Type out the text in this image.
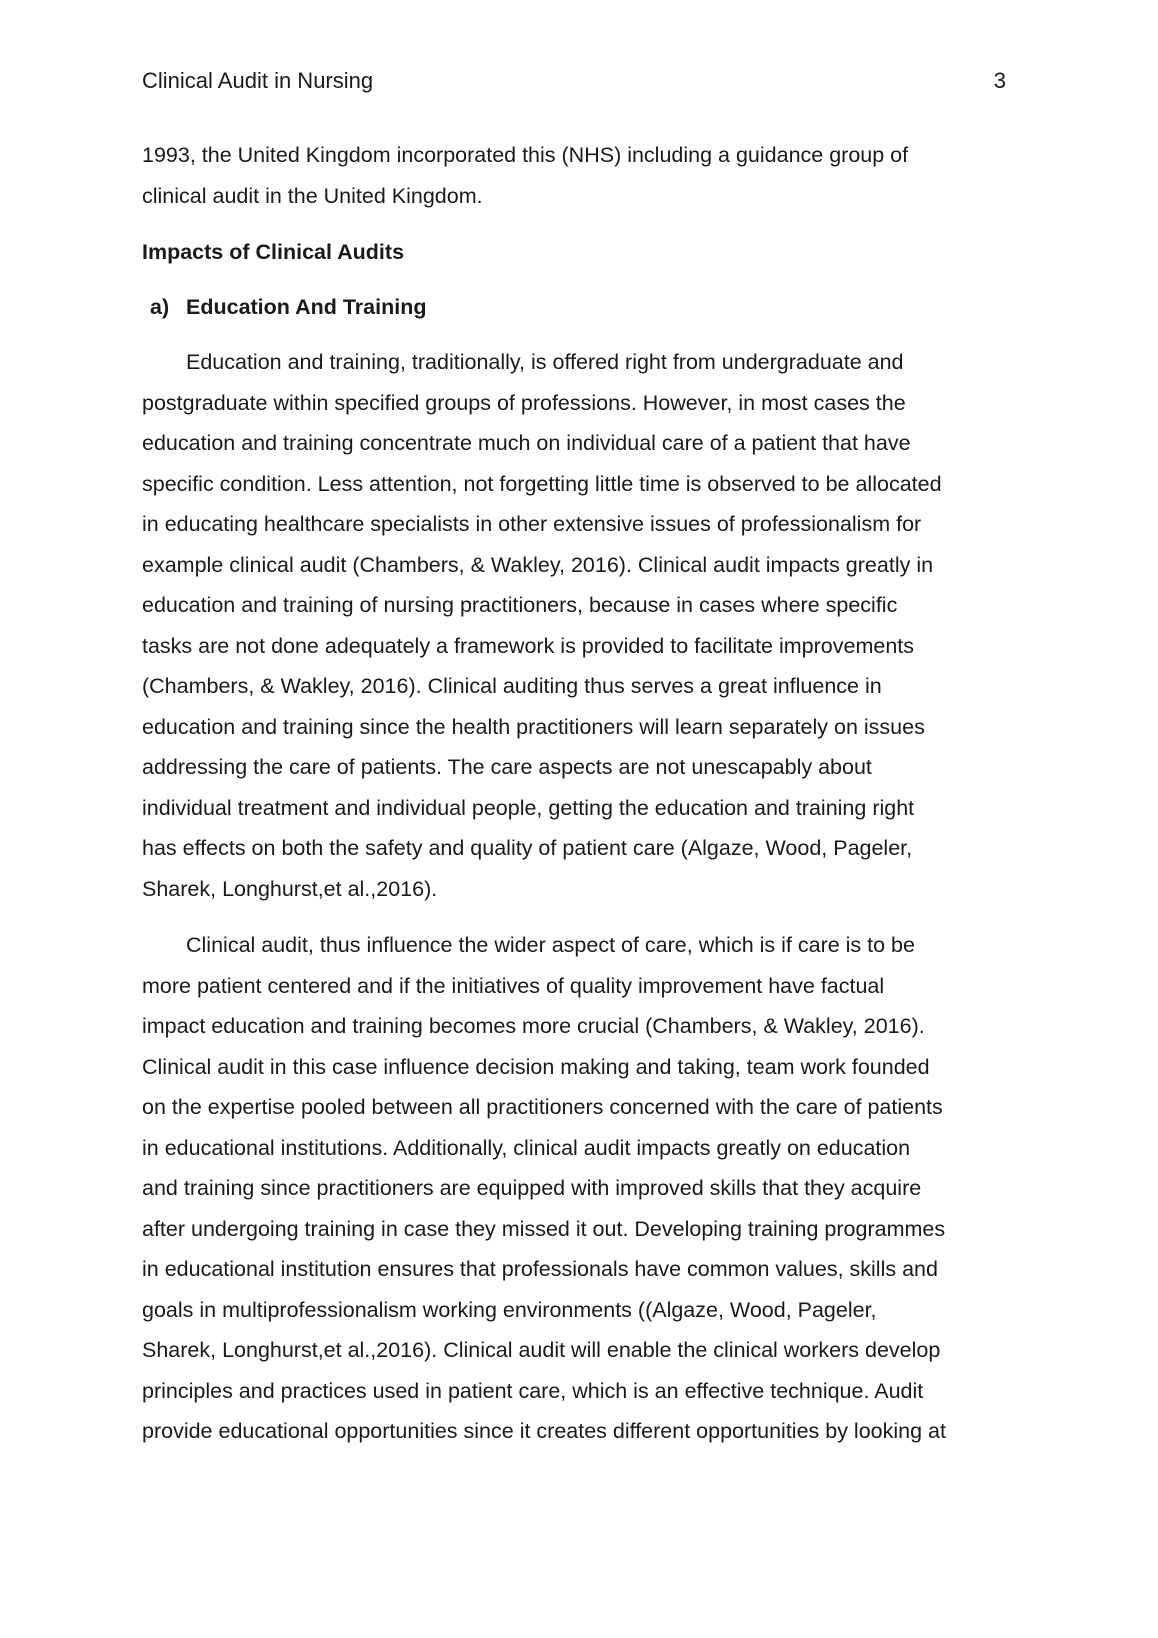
Clinical Audit in Nursing	3

1993, the United Kingdom incorporated this (NHS) including a guidance group of
clinical audit in the United Kingdom.

Impacts of Clinical Audits
a) Education And Training

Education and training, traditionally, is offered right from undergraduate and
postgraduate within specified groups of professions. However, in most cases the
education and training concentrate much on individual care of a patient that have
specific condition. Less attention, not forgetting little time is observed to be allocated
in educating healthcare specialists in other extensive issues of professionalism for
example clinical audit (Chambers, & Wakley, 2016). Clinical audit impacts greatly in
education and training of nursing practitioners, because in cases where specific
tasks are not done adequately a framework is provided to facilitate improvements
(Chambers, & Wakley, 2016). Clinical auditing thus serves a great influence in
education and training since the health practitioners will learn separately on issues
addressing the care of patients. The care aspects are not unescapably about
individual treatment and individual people, getting the education and training right
has effects on both the safety and quality of patient care (Algaze, Wood, Pageler,
Sharek, Longhurst,et al.,2016).

Clinical audit, thus influence the wider aspect of care, which is if care is to be
more patient centered and if the initiatives of quality improvement have factual
impact education and training becomes more crucial (Chambers, & Wakley, 2016).
Clinical audit in this case influence decision making and taking, team work founded
on the expertise pooled between all practitioners concerned with the care of patients
in educational institutions. Additionally, clinical audit impacts greatly on education
and training since practitioners are equipped with improved skills that they acquire
after undergoing training in case they missed it out. Developing training programmes
in educational institution ensures that professionals have common values, skills and
goals in multiprofessionalism working environments ((Algaze, Wood, Pageler,
Sharek, Longhurst,et al.,2016). Clinical audit will enable the clinical workers develop
principles and practices used in patient care, which is an effective technique. Audit
provide educational opportunities since it creates different opportunities by looking at
